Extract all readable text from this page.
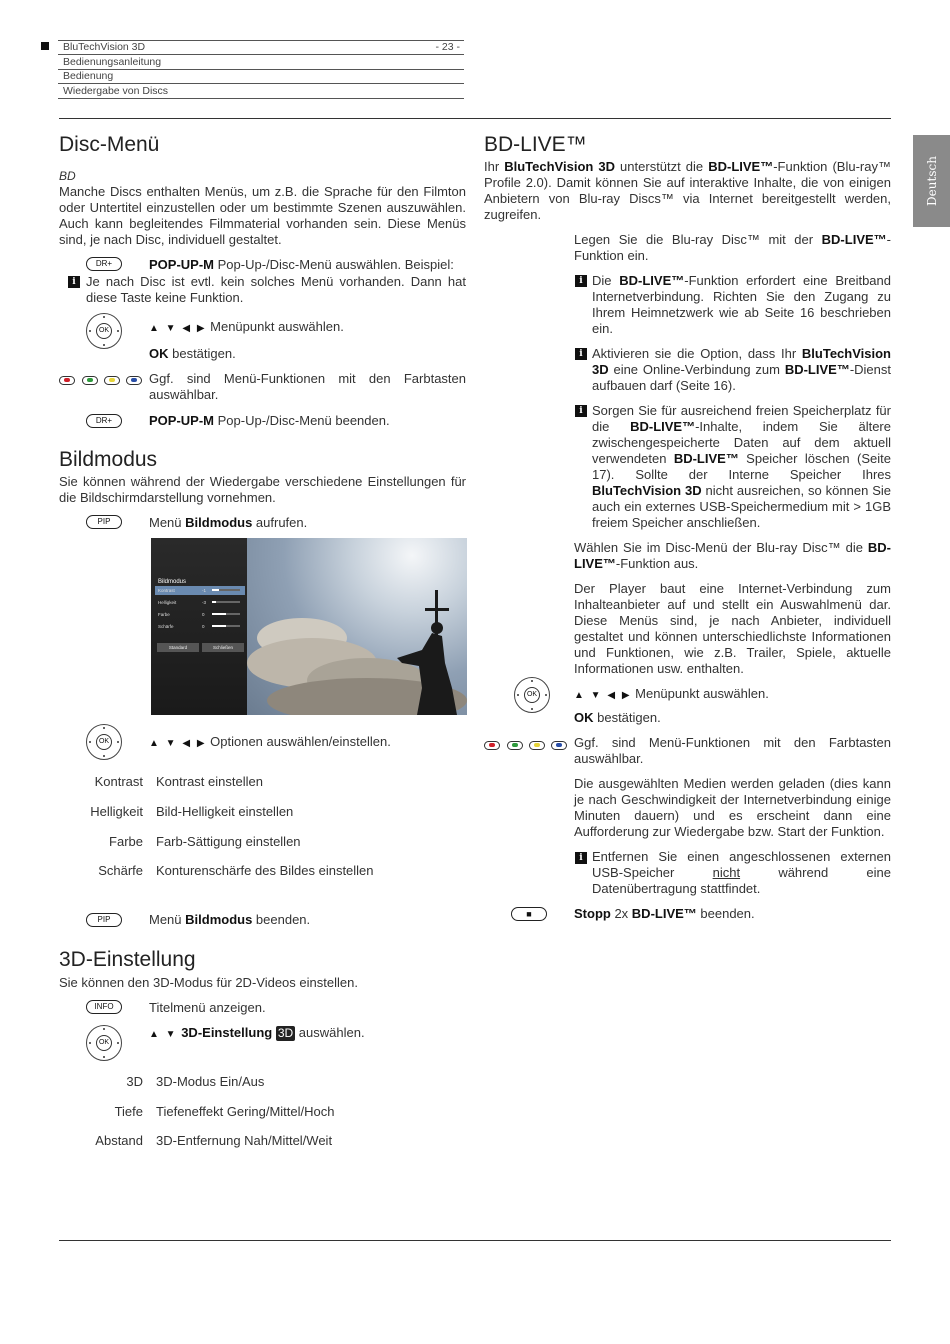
BluTechVision 3D	- 23 -
Bedienungsanleitung
Bedienung
Wiedergabe von Discs
Deutsch
Disc-Menü

BD

Manche Discs enthalten Menüs, um z.B. die Sprache für den Filmton oder Untertitel einzustellen oder um bestimmte Szenen auszuwählen. Auch kann begleitendes Filmmaterial vorhanden sein. Diese Menüs sind, je nach Disc, individuell gestaltet.

DR+	POP-UP-M Pop-Up-/Disc-Menü auswählen. Beispiel:

i Je nach Disc ist evtl. kein solches Menü vorhanden. Dann hat diese Taste keine Funktion.

OK	▲ ▼ ◀ ▶ Menüpunkt auswählen.

OK bestätigen.

Ggf. sind Menü-Funktionen mit den Farbtasten auswählbar.

DR+	POP-UP-M Pop-Up-/Disc-Menü beenden.

Bildmodus

Sie können während der Wiedergabe verschiedene Einstellungen für die Bildschirmdarstellung vornehmen.

PIP	Menü Bildmodus aufrufen.

Bildmodus
Kontrast	-1
Helligkeit	-3
Farbe	0
Schärfe	0
Standard	Schließen
OK	▲ ▼ ◀ ▶ Optionen auswählen/einstellen.

Kontrast Kontrast einstellen
Helligkeit Bild-Helligkeit einstellen
Farbe Farb-Sättigung einstellen
Schärfe Konturenschärfe des Bildes einstellen
PIP	Menü Bildmodus beenden.

3D-Einstellung

Sie können den 3D-Modus für 2D-Videos einstellen.

INFO	Titelmenü anzeigen.

OK

▲ ▼ 3D-Einstellung 3D auswählen.

3D 3D-Modus Ein/Aus
Tiefe Tiefeneffekt Gering/Mittel/Hoch
Abstand 3D-Entfernung Nah/Mittel/Weit
BD-LIVE™

Ihr BluTechVision 3D unterstützt die BD-LIVE™-Funktion (Blu-ray™ Profile 2.0). Damit können Sie auf interaktive Inhalte, die von einigen Anbietern von Blu-ray Discs™ via Internet bereitgestellt werden, zugreifen.

Legen Sie die Blu-ray Disc™ mit der BD-LIVE™-Funktion ein.

i Die BD-LIVE™-Funktion erfordert eine Breitband Internetverbindung. Richten Sie den Zugang zu Ihrem Heimnetzwerk wie ab Seite 16 beschrieben ein.

i Aktivieren sie die Option, dass Ihr BluTechVision 3D eine Online-Verbindung zum BD-LIVE™-Dienst aufbauen darf (Seite 16).

i Sorgen Sie für ausreichend freien Speicherplatz für die BD-LIVE™-Inhalte, indem Sie ältere zwischengespeicherte Daten auf dem aktuell verwendeten BD-LIVE™ Speicher löschen (Seite 17). Sollte der Interne Speicher Ihres BluTechVision 3D nicht ausreichen, so können Sie auch ein externes USB-Speichermedium mit > 1GB freiem Speicher anschließen.

Wählen Sie im Disc-Menü der Blu-ray Disc™ die BD-LIVE™-Funktion aus.

Der Player baut eine Internet-Verbindung zum Inhalteanbieter auf und stellt ein Auswahlmenü dar. Diese Menüs sind, je nach Anbieter, individuell gestaltet und können unterschiedlichste Informationen und Funktionen, wie z.B. Trailer, Spiele, aktuelle Informationen usw. enthalten.

OK	▲ ▼ ◀ ▶ Menüpunkt auswählen.

OK bestätigen.

Ggf. sind Menü-Funktionen mit den Farbtasten auswählbar.

Die ausgewählten Medien werden geladen (dies kann je nach Geschwindigkeit der Internetverbindung einige Minuten dauern) und es erscheint dann eine Aufforderung zur Wiedergabe bzw. Start der Funktion.

i Entfernen Sie einen angeschlossenen externen USB-Speicher nicht während eine Datenübertragung stattfindet.

■	Stopp 2x BD-LIVE™ beenden.
